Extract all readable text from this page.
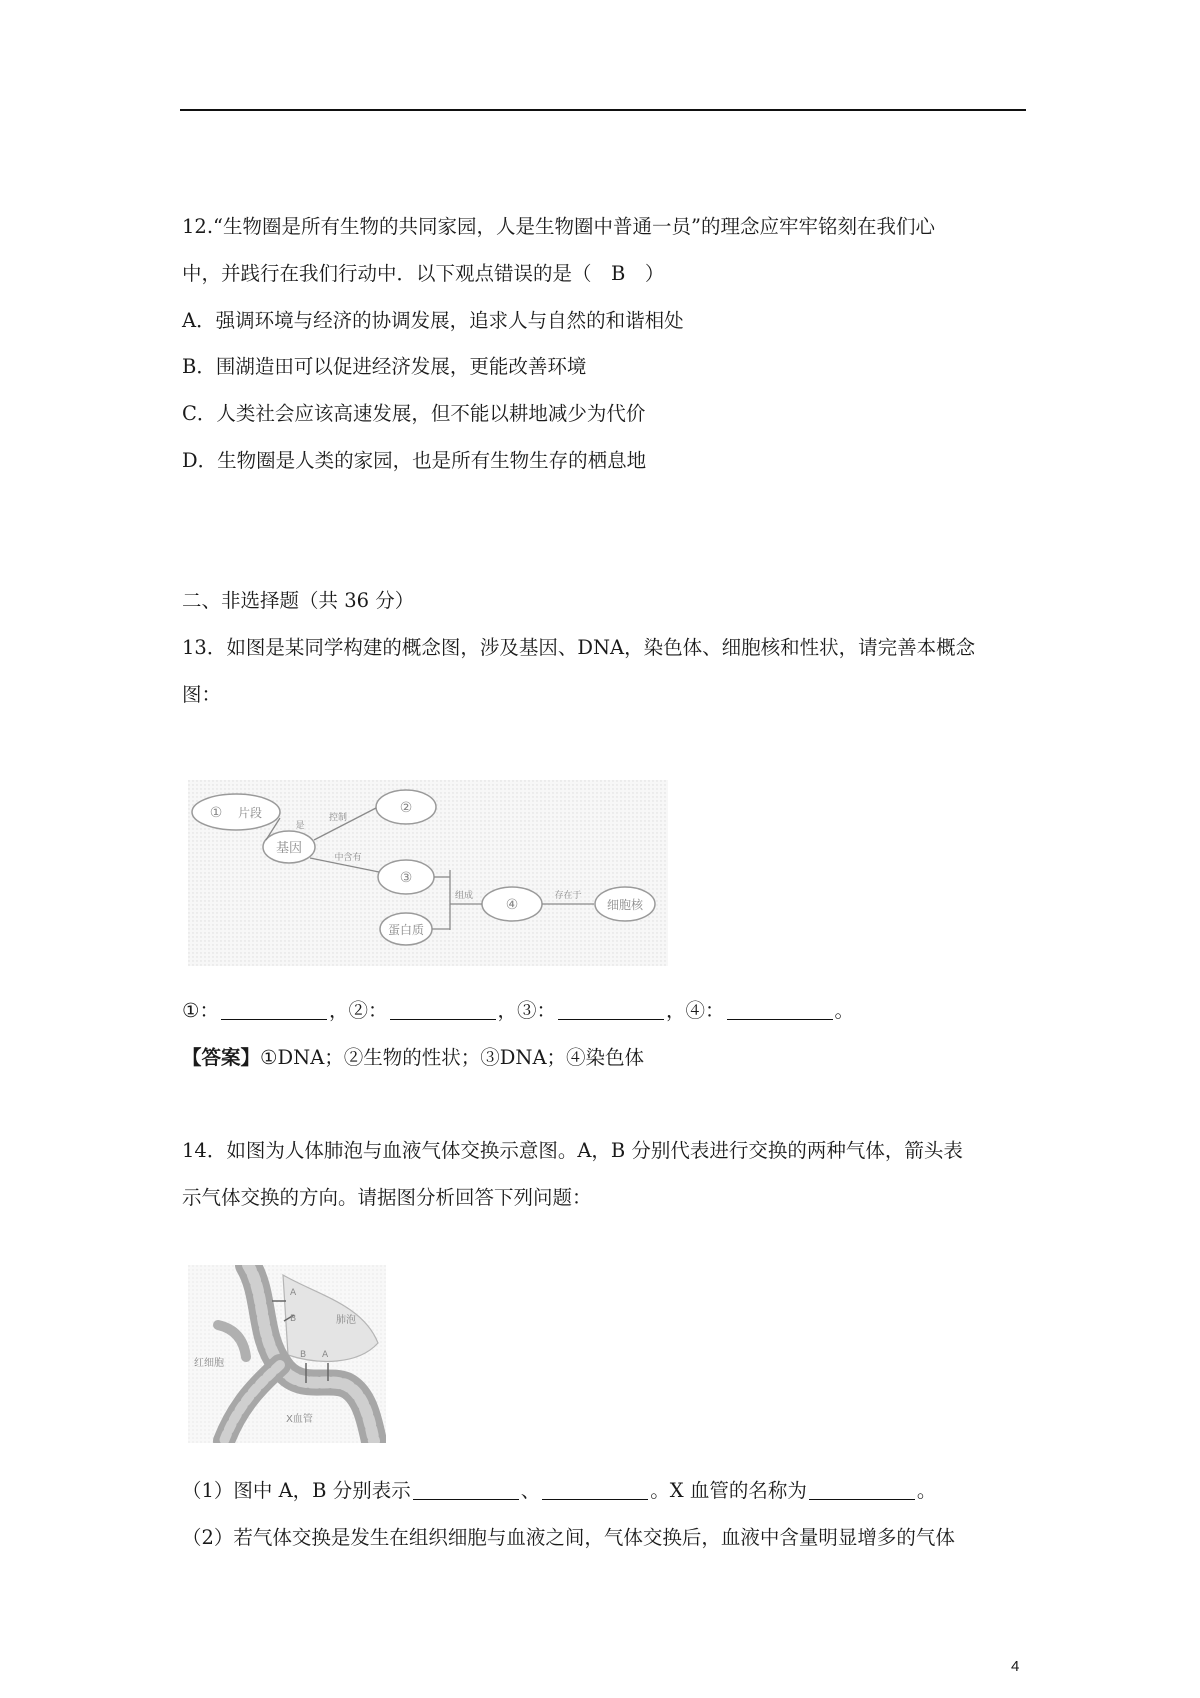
12.“生物圈是所有生物的共同家园，人是生物圈中普通一员”的理念应牢牢铭刻在我们心
中，并践行在我们行动中．以下观点错误的是（　B　）
A．强调环境与经济的协调发展，追求人与自然的和谐相处
B．围湖造田可以促进经济发展，更能改善环境
C．人类社会应该高速发展，但不能以耕地减少为代价
D．生物圈是人类的家园，也是所有生物生存的栖息地
二、非选择题（共 36 分）
13．如图是某同学构建的概念图，涉及基因、DNA，染色体、细胞核和性状，请完善本概念
图：
① 片段
基因
②
③
蛋白质
④	细胞核
是
控制
中含有
组成	存在于
①：	，②：	，③：	，④：	。
【答案】①DNA；②生物的性状；③DNA；④染色体
14．如图为人体肺泡与血液气体交换示意图。A，B 分别代表进行交换的两种气体，箭头表
示气体交换的方向。请据图分析回答下列问题：
A
B	肺泡
B A
红细胞
X血管
（1）图中 A，B 分别表示	、	。X 血管的名称为	。
（2）若气体交换是发生在组织细胞与血液之间，气体交换后，血液中含量明显增多的气体
4
